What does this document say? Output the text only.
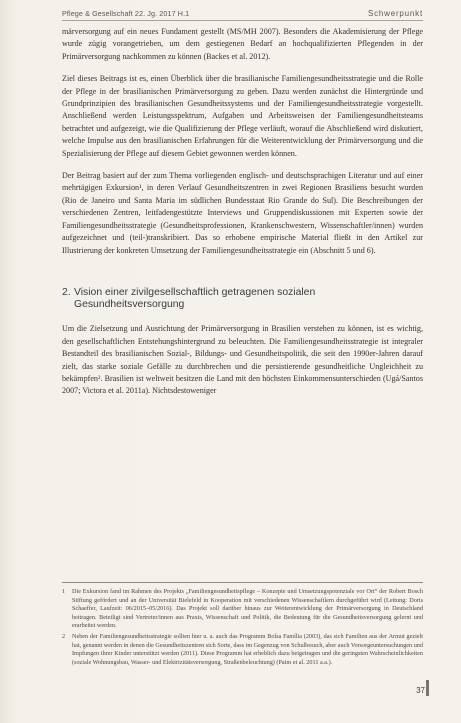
Pflege & Gesellschaft 22. Jg. 2017 H.1	Schwerpunkt

märversorgung auf ein neues Fundament gestellt (MS/MH 2007). Besonders die Akademisierung der Pflege wurde zügig vorangetrieben, um dem gestiegenen Bedarf an hochqualifizierten Pflegenden in der Primärversorgung nachkommen zu können (Backes et al. 2012).

Ziel dieses Beitrags ist es, einen Überblick über die brasilianische Familiengesundheitsstrategie und die Rolle der Pflege in der brasilianischen Primärversorgung zu geben. Dazu werden zunächst die Hintergründe und Grundprinzipien des brasilianischen Gesundheitssystems und der Familiengesundheitsstrategie vorgestellt. Anschließend werden Leistungsspektrum, Aufgaben und Arbeitsweisen der Familiengesundheitsteams betrachtet und aufgezeigt, wie die Qualifizierung der Pflege verläuft, worauf die Abschließend wird diskutiert, welche Impulse aus den brasilianischen Erfahrungen für die Weiterentwicklung der Primärversorgung und die Spezialisierung der Pflege auf diesem Gebiet gewonnen werden können.

Der Beitrag basiert auf der zum Thema vorliegenden englisch- und deutschsprachigen Literatur und auf einer mehrtägigen Exkursion¹, in deren Verlauf Gesundheitszentren in zwei Regionen Brasiliens besucht wurden (Rio de Janeiro und Santa Maria im südlichen Bundesstaat Rio Grande do Sul). Die Beschreibungen der verschiedenen Zentren, leitfadengestützte Interviews und Gruppendiskussionen mit Experten sowie der Familiengesundheitsstrategie (Gesundheitsprofessionen, Krankenschwestern, Wissenschaftler/innen) wurden aufgezeichnet und (teil-)transkribiert. Das so erhobene empirische Material fließt in den Artikel zur Illustrierung der konkreten Umsetzung der Familiengesundheitsstrategie ein (Abschnitt 5 und 6).

2. Vision einer zivilgesellschaftlich getragenen sozialen
Gesundheitsversorgung

Um die Zielsetzung und Ausrichtung der Primärversorgung in Brasilien verstehen zu können, ist es wichtig, den gesellschaftlichen Entstehungshintergrund zu beleuchten. Die Familiengesundheitsstrategie ist integraler Bestandteil des brasilianischen Sozial-, Bildungs- und Gesundheitspolitik, die seit den 1990er-Jahren darauf zielt, das starke soziale Gefälle zu durchbrechen und die persistierende gesundheitliche Ungleichheit zu bekämpfen². Brasilien ist weltweit besitzen die Land mit den höchsten Einkommensunterschieden (Ugá/Santos 2007; Victora et al. 2011a). Nichtsdestoweniger

1	Die Exkursion fand im Rahmen des Projekts „Familiengesundheitspflege – Konzepte und Umsetzungspotenziale vor Ort“ der Robert Bosch Stiftung gefördert und an der Universität Bielefeld in Kooperation mit verschiedenen Wissenschaftlern durchgeführt wird (Leitung: Doris Schaeffer, Laufzeit: 06/2015–05/2016). Das Projekt soll darüber hinaus zur Weiterentwicklung der Primärversorgung in Deutschland beitragen. Beteiligt sind Vertreter/innen aus Praxis, Wissenschaft und Politik, die Bedeutung für die Gesundheitsversorgung gelernt und erarbeitet werden.
2	Neben der Familiengesundheitsstrategie sollten hier u. a. auch das Programm Bolsa Família (2003), das sich Familien aus der Armut gezielt hat, genannt werden in denen die Gesundheitszentren sich Sorte, dass im Gegenzug von Schulbesuch, aber auch Vorsorgeuntersuchungen und Impfungen ihrer Kinder unterstützt werden (2011). Diese Programm hat erheblich dazu beigetragen und die geringsten Wahrscheinlichkeiten (soziale Wohnungsbau, Wasser- und Elektrizitätsversorgung, Straßenbeleuchtung) (Paim et al. 2011 a.a.).
37
